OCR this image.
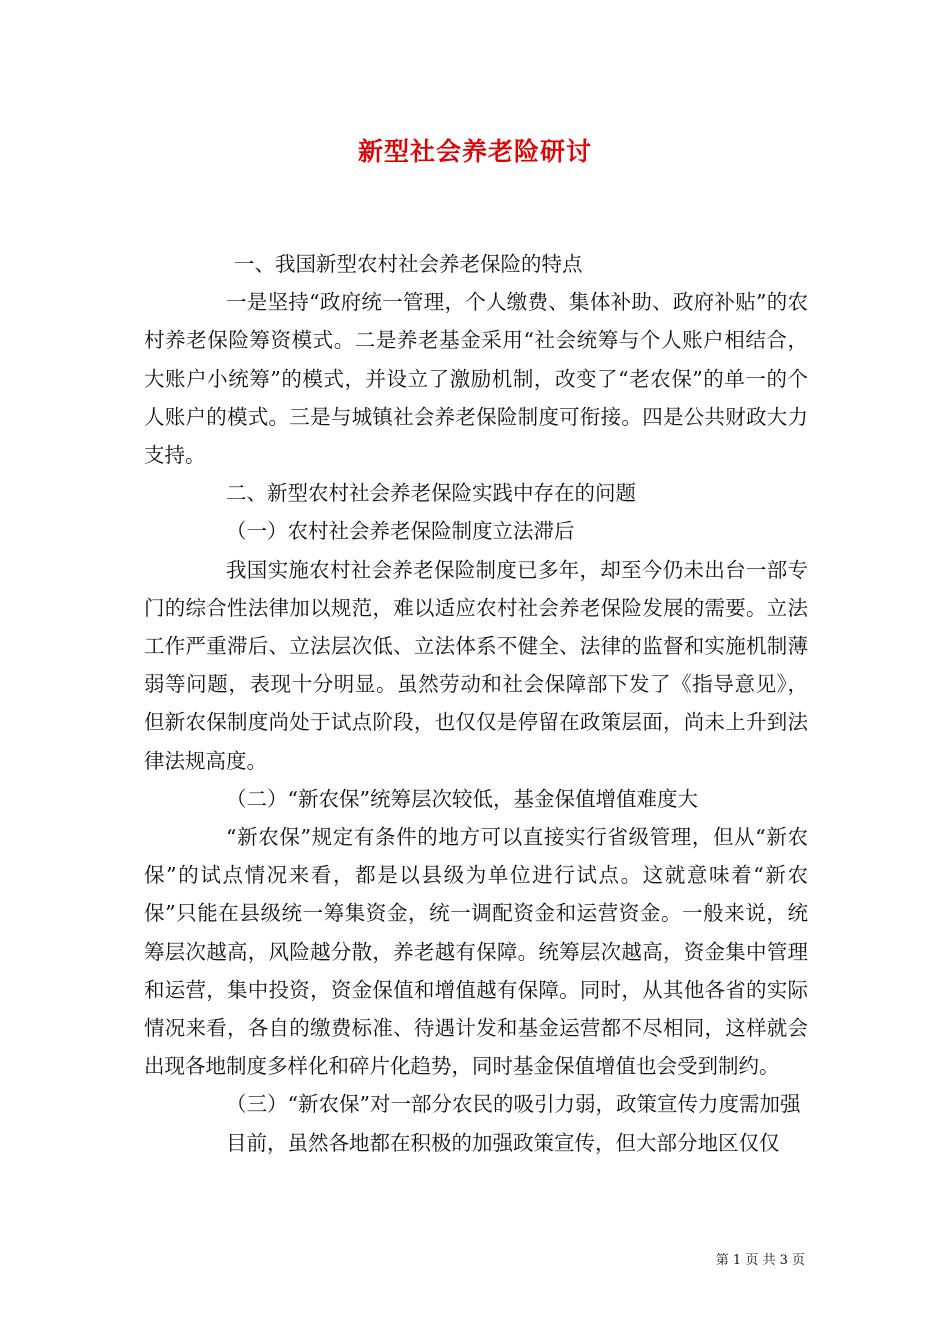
新型社会养老险研讨

一、我国新型农村社会养老保险的特点

一是坚持“政府统一管理，个人缴费、集体补助、政府补贴”的农村养老保险筹资模式。二是养老基金采用“社会统筹与个人账户相结合，大账户小统筹”的模式，并设立了激励机制，改变了“老农保”的单一的个人账户的模式。三是与城镇社会养老保险制度可衔接。四是公共财政大力支持。

二、新型农村社会养老保险实践中存在的问题

（一）农村社会养老保险制度立法滞后

我国实施农村社会养老保险制度已多年，却至今仍未出台一部专门的综合性法律加以规范，难以适应农村社会养老保险发展的需要。立法工作严重滞后、立法层次低、立法体系不健全、法律的监督和实施机制薄弱等问题，表现十分明显。虽然劳动和社会保障部下发了《指导意见》，但新农保制度尚处于试点阶段，也仅仅是停留在政策层面，尚未上升到法律法规高度。

（二）“新农保”统筹层次较低，基金保值增值难度大

“新农保”规定有条件的地方可以直接实行省级管理，但从“新农保”的试点情况来看，都是以县级为单位进行试点。这就意味着“新农保”只能在县级统一筹集资金，统一调配资金和运营资金。一般来说，统筹层次越高，风险越分散，养老越有保障。统筹层次越高，资金集中管理和运营，集中投资，资金保值和增值越有保障。同时，从其他各省的实际情况来看，各自的缴费标准、待遇计发和基金运营都不尽相同，这样就会出现各地制度多样化和碎片化趋势，同时基金保值增值也会受到制约。

（三）“新农保”对一部分农民的吸引力弱，政策宣传力度需加强

目前，虽然各地都在积极的加强政策宣传，但大部分地区仅仅

第 1 页 共 3 页
